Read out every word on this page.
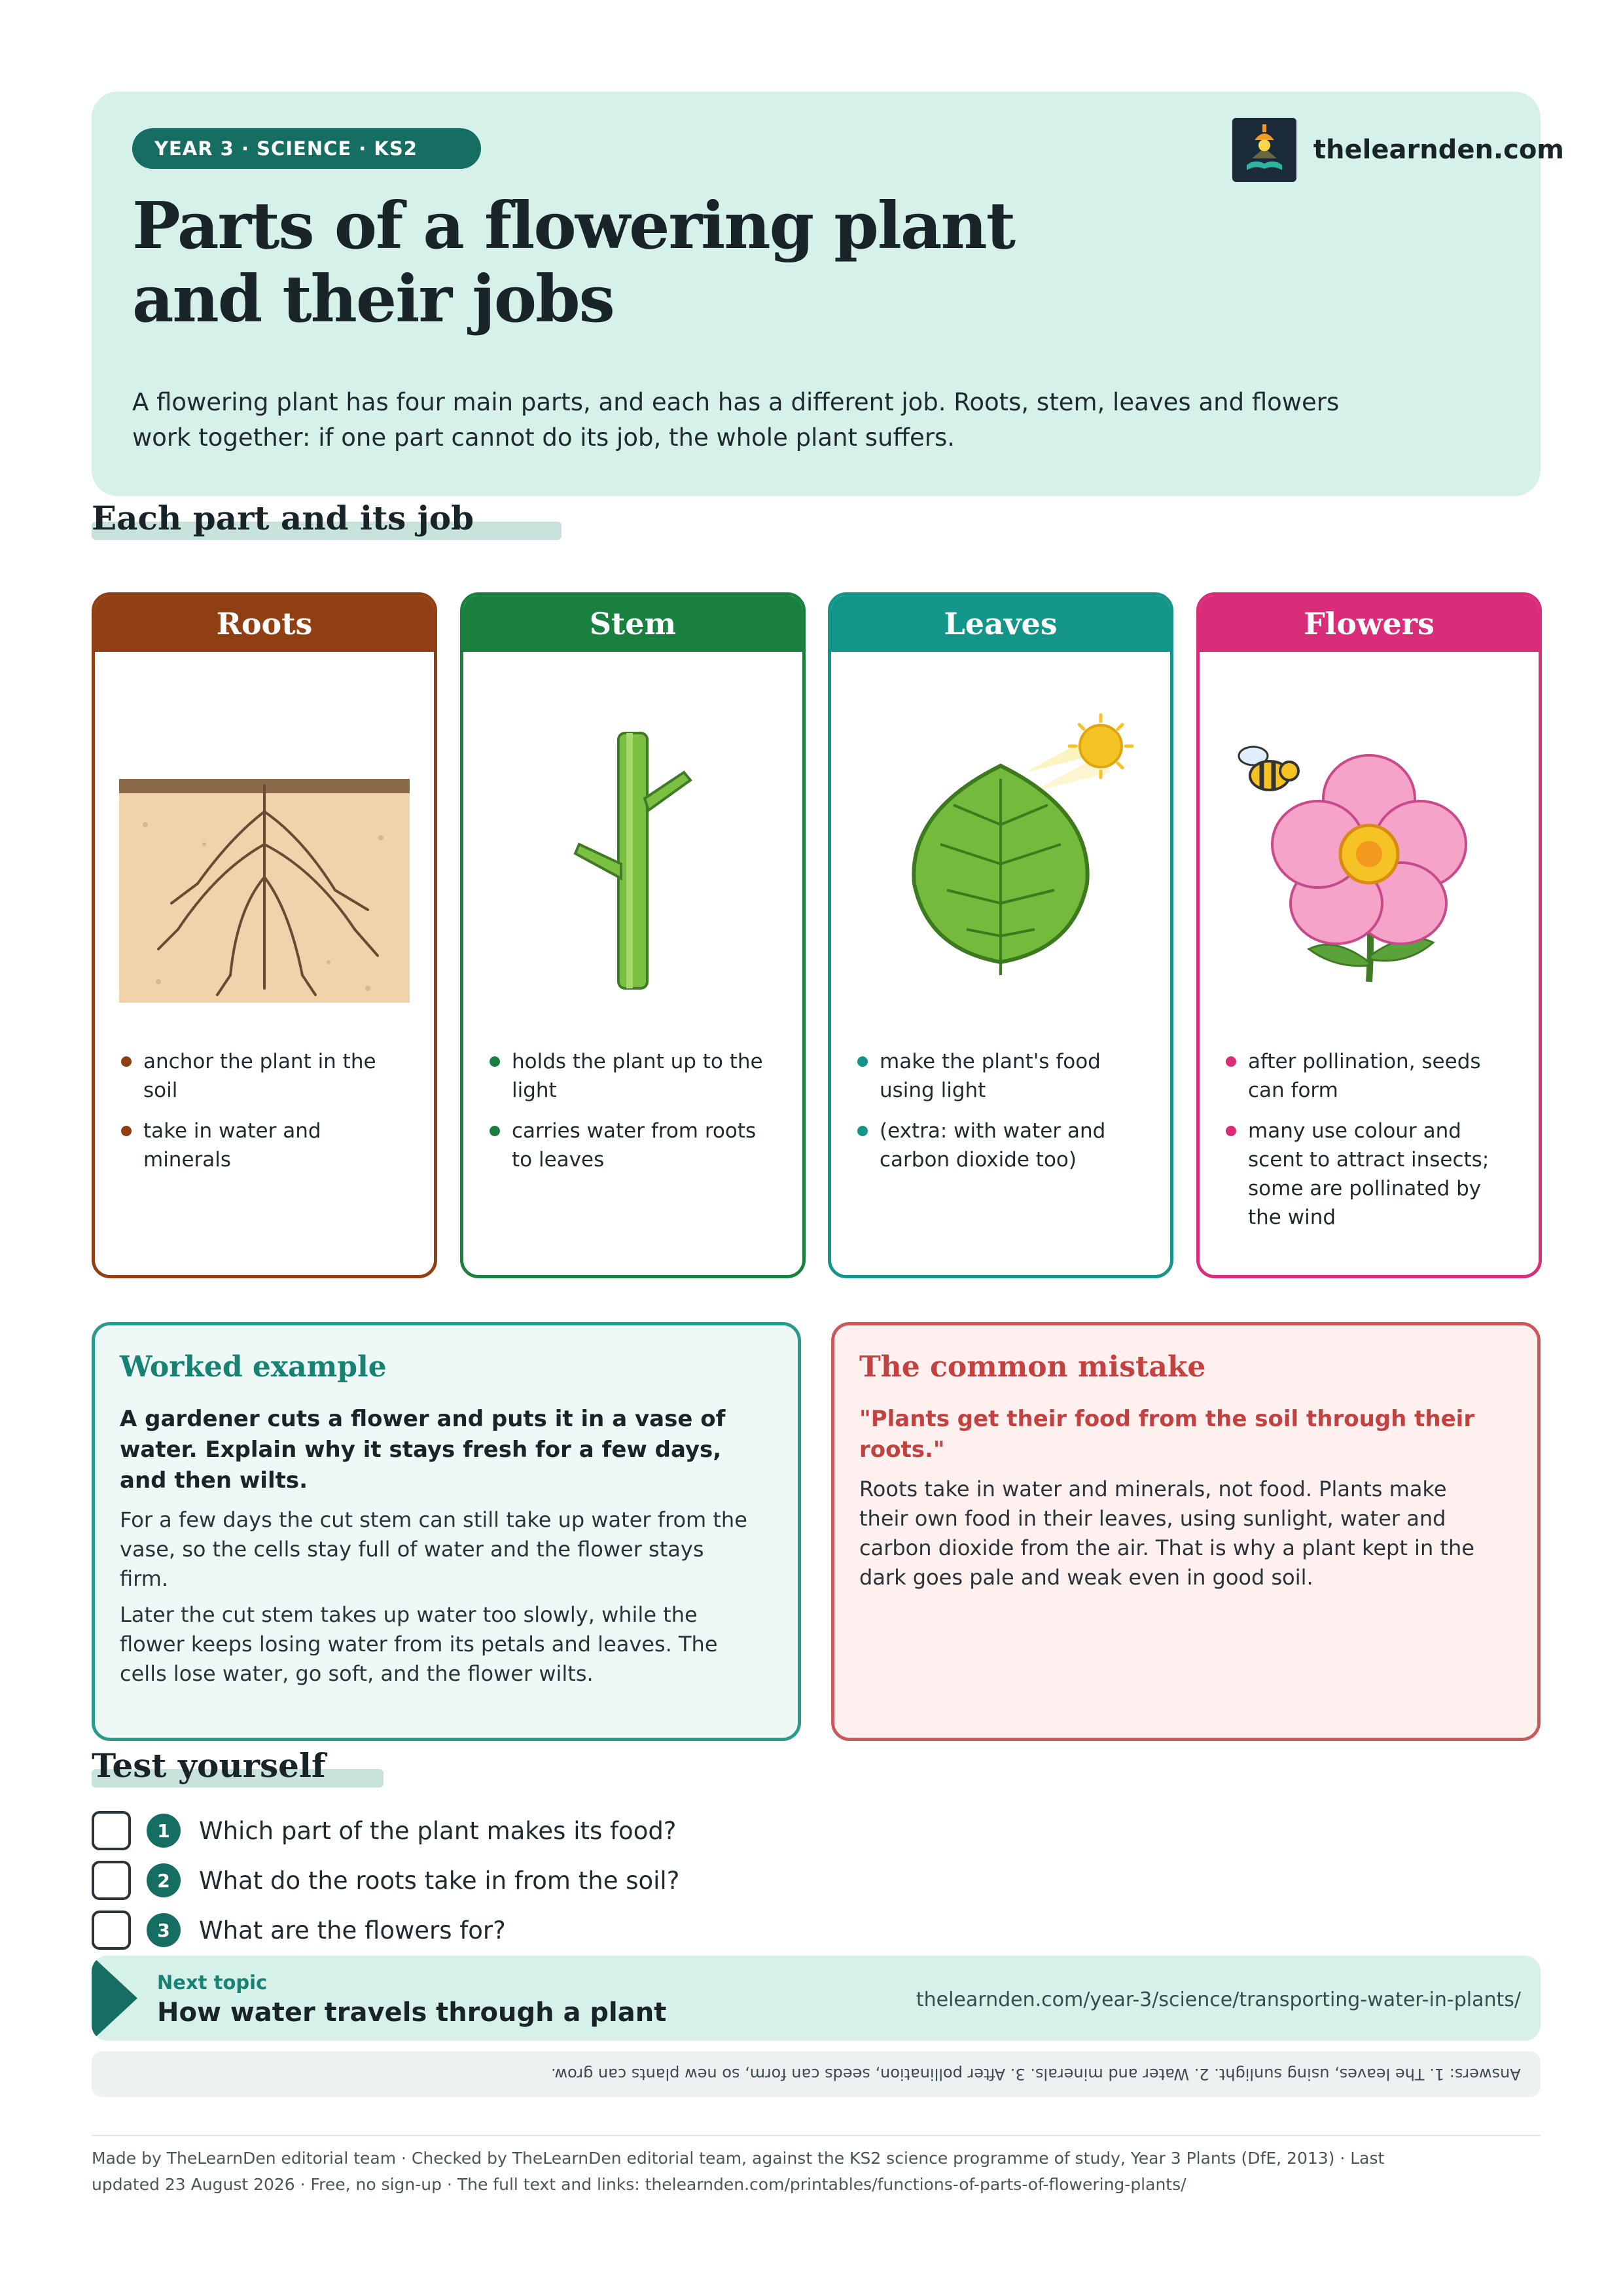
YEAR 3 · SCIENCE · KS2
Parts of a flowering plant and their jobs

A flowering plant has four main parts, and each has a different job. Roots, stem, leaves and flowers work together: if one part cannot do its job, the whole plant suffers.

thelearnden.com
Each part and its job
Roots
anchor the plant in the soil
take in water and minerals
Stem
holds the plant up to the light
carries water from roots to leaves
Leaves
make the plant's food using light
(extra: with water and carbon dioxide too)
Flowers
after pollination, seeds can form
many use colour and scent to attract insects; some are pollinated by the wind
Worked example
A gardener cuts a flower and puts it in a vase of water. Explain why it stays fresh for a few days, and then wilts.
For a few days the cut stem can still take up water from the vase, so the cells stay full of water and the flower stays firm.
Later the cut stem takes up water too slowly, while the flower keeps losing water from its petals and leaves. The cells lose water, go soft, and the flower wilts.
The common mistake
"Plants get their food from the soil through their roots."
Roots take in water and minerals, not food. Plants make their own food in their leaves, using sunlight, water and carbon dioxide from the air. That is why a plant kept in the dark goes pale and weak even in good soil.
Test yourself
1	Which part of the plant makes its food?
2	What do the roots take in from the soil?
3	What are the flowers for?
Next topic
How water travels through a plant	thelearnden.com/year-3/science/transporting-water-in-plants/
Answers: 1. The leaves, using sunlight. 2. Water and minerals. 3. After pollination, seeds can form, so new plants can grow.
Made by TheLearnDen editorial team · Checked by TheLearnDen editorial team, against the KS2 science programme of study, Year 3 Plants (DfE, 2013) · Last updated 23 August 2026 · Free, no sign-up · The full text and links: thelearnden.com/printables/functions-of-parts-of-flowering-plants/
